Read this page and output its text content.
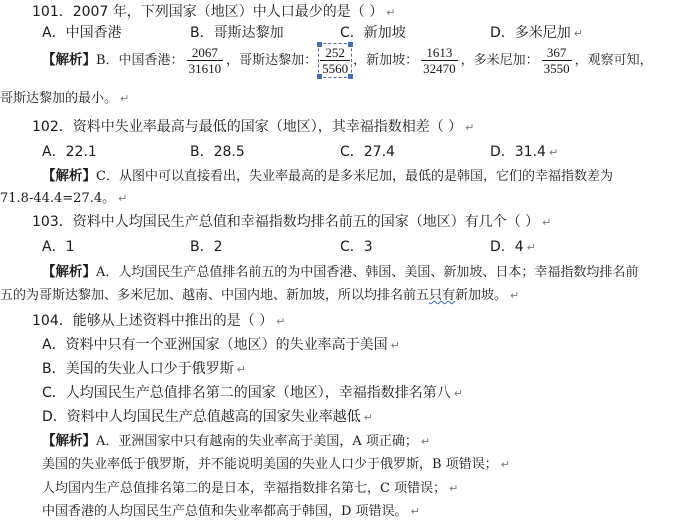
101．2007 年，下列国家（地区）中人口最少的是（ ） ↵
A．中国香港	B．哥斯达黎加	C．新加坡	D．多米尼加 ↵
【解析】B．中国香港： $\frac{2067}{31610}$ ，哥斯达黎加：
252
5560
，新加坡： $\frac{1613}{32470}$ ，多米尼加： $\frac{367}{3550}$ ，观察可知，
哥斯达黎加的最小。 ↵
102．资料中失业率最高与最低的国家（地区），其幸福指数相差（ ） ↵
A．22.1	B．28.5	C．27.4	D．31.4 ↵
【解析】C．从图中可以直接看出，失业率最高的是多米尼加，最低的是韩国，它们的幸福指数差为
71.8-44.4=27.4。 ↵
103．资料中人均国民生产总值和幸福指数均排名前五的国家（地区）有几个（ ） ↵
A．1	B．2	C．3	D．4 ↵
【解析】A．人均国民生产总值排名前五的为中国香港、韩国、美国、新加坡、日本；幸福指数均排名前
五的为哥斯达黎加、多米尼加、越南、中国内地、新加坡，所以均排名前五只有新加坡。 ↵
104．能够从上述资料中推出的是（ ） ↵
A．资料中只有一个亚洲国家（地区）的失业率高于美国 ↵
B．美国的失业人口少于俄罗斯 ↵
C．人均国民生产总值排名第二的国家（地区），幸福指数排名第八 ↵
D．资料中人均国民生产总值越高的国家失业率越低 ↵
【解析】A．亚洲国家中只有越南的失业率高于美国，A 项正确； ↵
美国的失业率低于俄罗斯，并不能说明美国的失业人口少于俄罗斯，B 项错误； ↵
人均国内生产总值排名第二的是日本，幸福指数排名第七，C 项错误； ↵
中国香港的人均国民生产总值和失业率都高于韩国，D 项错误。 ↵
